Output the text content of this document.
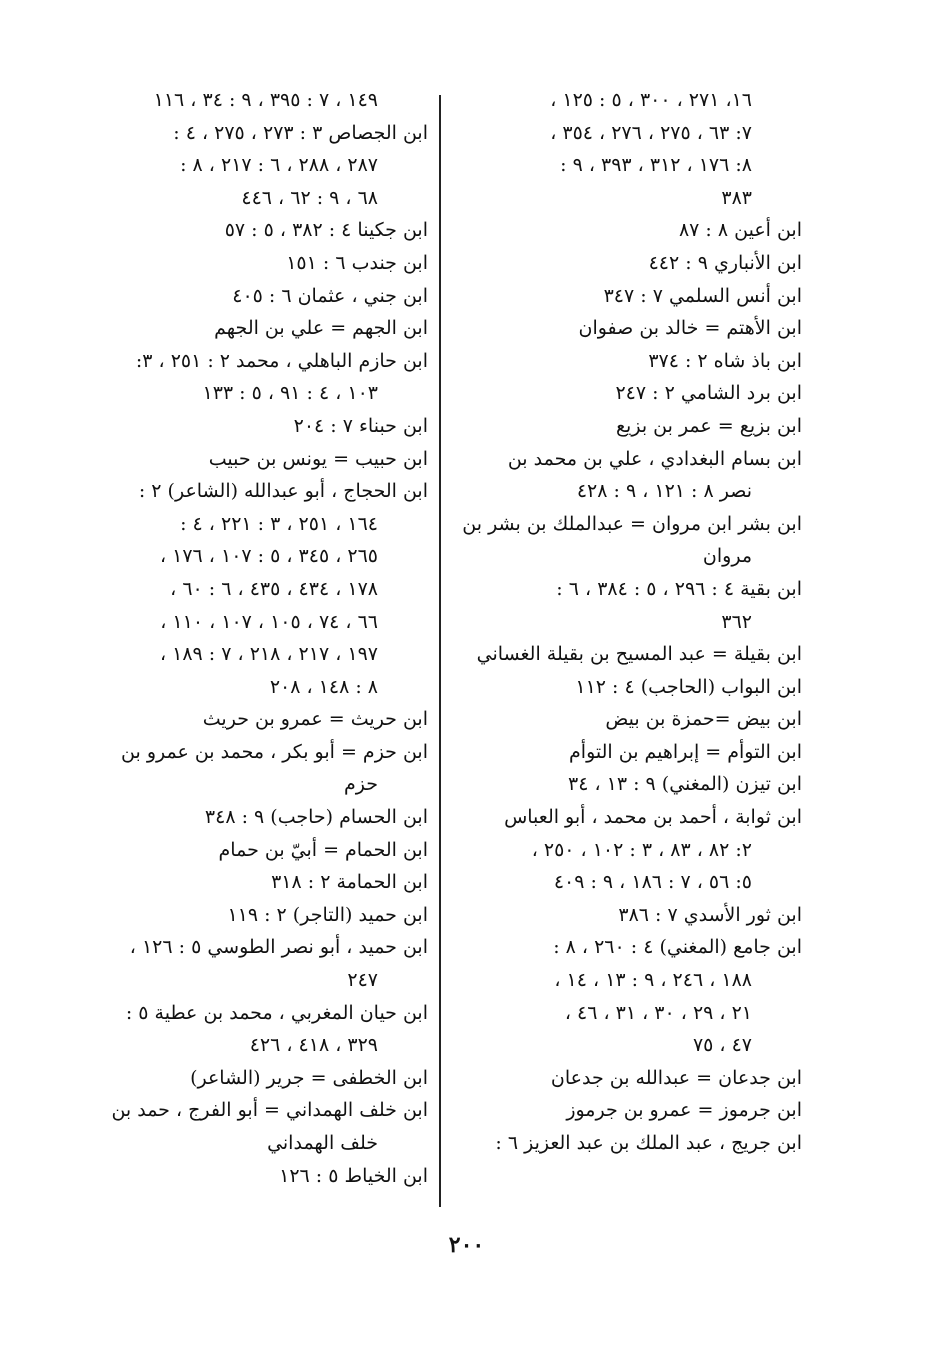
١٦، ٢٧١ ، ٣٠٠ ، ٥ : ١٢٥ ،
٧: ٦٣ ، ٢٧٥ ، ٢٧٦ ، ٣٥٤ ،
٨: ١٧٦ ، ٣١٢ ، ٣٩٣ ، ٩ :
٣٨٣
ابن أعين ٨ : ٨٧
ابن الأنباري ٩ : ٤٤٢
ابن أنس السلمي ٧ : ٣٤٧
ابن الأهتم = خالد بن صفوان
ابن باذ شاه ٢ : ٣٧٤
ابن برد الشامي ٢ : ٢٤٧
ابن بزيع = عمر بن بزيع
ابن بسام البغدادي ، علي بن محمد بن
نصر ٨ : ١٢١ ، ٩ : ٤٢٨
ابن بشر ابن مروان = عبدالملك بن بشر بن
مروان
ابن بقية ٤ : ٢٩٦ ، ٥ : ٣٨٤ ، ٦ :
٣٦٢
ابن بقيلة = عبد المسيح بن بقيلة الغساني
ابن البواب (الحاجب) ٤ : ١١٢
ابن بيض =حمزة بن بيض
ابن التوأم = إبراهيم بن التوأم
ابن تيزن (المغني) ٩ : ١٣ ، ٣٤
ابن ثوابة ، أحمد بن محمد ، أبو العباس
٢: ٨٢ ، ٨٣ ، ٣ : ١٠٢ ، ٢٥٠ ،
٥: ٥٦ ، ٧ : ١٨٦ ، ٩ : ٤٠٩
ابن ثور الأسدي ٧ : ٣٨٦
ابن جامع (المغني) ٤ : ٢٦٠ ، ٨ :
١٨٨ ، ٢٤٦ ، ٩ : ١٣ ، ١٤ ،
٢١ ، ٢٩ ، ٣٠ ، ٣١ ، ٤٦ ،
٤٧ ، ٧٥
ابن جدعان = عبدالله بن جدعان
ابن جرموز = عمرو بن جرموز
ابن جريج ، عبد الملك بن عبد العزيز ٦ :
١٤٩ ، ٧ : ٣٩٥ ، ٩ : ٣٤ ، ١١٦
ابن الجصاص ٣ : ٢٧٣ ، ٢٧٥ ، ٤ :
٢٨٧ ، ٢٨٨ ، ٦ : ٢١٧ ، ٨ :
٦٨ ، ٩ : ٦٢ ، ٤٤٦
ابن جكينا ٤ : ٣٨٢ ، ٥ : ٥٧
ابن جندب ٦ : ١٥١
ابن جني ، عثمان ٦ : ٤٠٥
ابن الجهم = علي بن الجهم
ابن حازم الباهلي ، محمد ٢ : ٢٥١ ، ٣:
١٠٣ ، ٤ : ٩١ ، ٥ : ١٣٣
ابن حبناء ٧ : ٢٠٤
ابن حبيب = يونس بن حبيب
ابن الحجاج ، أبو عبدالله (الشاعر) ٢ :
١٦٤ ، ٢٥١ ، ٣ : ٢٢١ ، ٤ :
٢٦٥ ، ٣٤٥ ، ٥ : ١٠٧ ، ١٧٦ ،
١٧٨ ، ٤٣٤ ، ٤٣٥ ، ٦ : ٦٠ ،
٦٦ ، ٧٤ ، ١٠٥ ، ١٠٧ ، ١١٠ ،
١٩٧ ، ٢١٧ ، ٢١٨ ، ٧ : ١٨٩ ،
٨ : ١٤٨ ، ٢٠٨
ابن حريث = عمرو بن حريث
ابن حزم = أبو بكر ، محمد بن عمرو بن
حزم
ابن الحسام (حاجب) ٩ : ٣٤٨
ابن الحمام = أبيّ بن حمام
ابن الحمامة ٢ : ٣١٨
ابن حميد (التاجر) ٢ : ١١٩
ابن حميد ، أبو نصر الطوسي ٥ : ١٢٦ ،
٢٤٧
ابن حيان المغربي ، محمد بن عطية ٥ :
٣٢٩ ، ٤١٨ ، ٤٢٦
ابن الخطفى = جرير (الشاعر)
ابن خلف الهمداني = أبو الفرج ، حمد بن
خلف الهمداني
ابن الخياط ٥ : ١٢٦
٢٠٠
